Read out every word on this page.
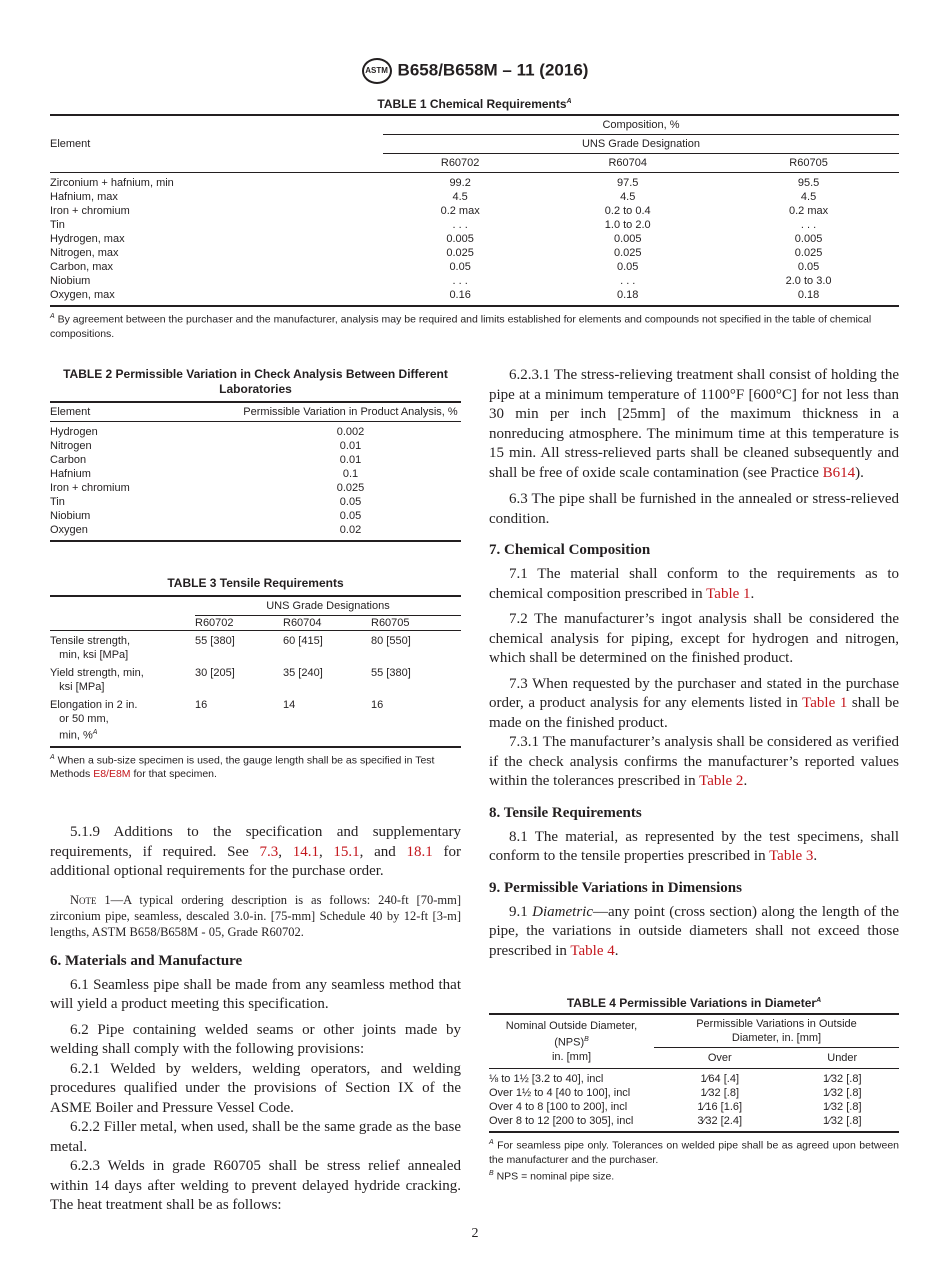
ASTM B658/B658M – 11 (2016)
TABLE 1 Chemical Requirements$^A$
Element	Composition, %		
	UNS Grade Designation		
	R60702	R60704	R60705
Zirconium + hafnium, min	99.2	97.5	95.5
Hafnium, max	4.5	4.5	4.5
Iron + chromium	0.2 max	0.2 to 0.4	0.2 max
Tin	. . .	1.0 to 2.0	. . .
Hydrogen, max	0.005	0.005	0.005
Nitrogen, max	0.025	0.025	0.025
Carbon, max	0.05	0.05	0.05
Niobium	. . .	. . .	2.0 to 3.0
Oxygen, max	0.16	0.18	0.18
$^A$ By agreement between the purchaser and the manufacturer, analysis may be required and limits established for elements and compounds not specified in the table of chemical compositions.
TABLE 2 Permissible Variation in Check Analysis Between Different Laboratories
Element	Permissible Variation in Product Analysis, %
Hydrogen	0.002
Nitrogen	0.01
Carbon	0.01
Hafnium	0.1
Iron + chromium	0.025
Tin	0.05
Niobium	0.05
Oxygen	0.02
TABLE 3 Tensile Requirements
	UNS Grade Designations		
	R60702	R60704	R60705
Tensile strength,
min, ksi [MPa]	55 [380]	60 [415]	80 [550]
Yield strength, min,
ksi [MPa]	30 [205]	35 [240]	55 [380]
Elongation in 2 in.
or 50 mm,
min, %$^A$	16	14	16
$^A$ When a sub-size specimen is used, the gauge length shall be as specified in Test Methods E8/E8M for that specimen.

5.1.9 Additions to the specification and supplementary requirements, if required. See 7.3, 14.1, 15.1, and 18.1 for additional optional requirements for the purchase order.

Note 1—A typical ordering description is as follows: 240-ft [70-mm] zirconium pipe, seamless, descaled 3.0-in. [75-mm] Schedule 40 by 12-ft [3-m] lengths, ASTM B658/B658M - 05, Grade R60702.

6. Materials and Manufacture

6.1 Seamless pipe shall be made from any seamless method that will yield a product meeting this specification.

6.2 Pipe containing welded seams or other joints made by welding shall comply with the following provisions:

6.2.1 Welded by welders, welding operators, and welding procedures qualified under the provisions of Section IX of the ASME Boiler and Pressure Vessel Code.

6.2.2 Filler metal, when used, shall be the same grade as the base metal.

6.2.3 Welds in grade R60705 shall be stress relief annealed within 14 days after welding to prevent delayed hydride cracking. The heat treatment shall be as follows:

6.2.3.1 The stress-relieving treatment shall consist of holding the pipe at a minimum temperature of 1100°F [600°C] for not less than 30 min per inch [25mm] of the maximum thickness in a nonreducing atmosphere. The minimum time at this temperature is 15 min. All stress-relieved parts shall be cleaned subsequently and shall be free of oxide scale contamination (see Practice B614).

6.3 The pipe shall be furnished in the annealed or stress-relieved condition.

7. Chemical Composition

7.1 The material shall conform to the requirements as to chemical composition prescribed in Table 1.

7.2 The manufacturer’s ingot analysis shall be considered the chemical analysis for piping, except for hydrogen and nitrogen, which shall be determined on the finished product.

7.3 When requested by the purchaser and stated in the purchase order, a product analysis for any elements listed in Table 1 shall be made on the finished product.

7.3.1 The manufacturer’s analysis shall be considered as verified if the check analysis confirms the manufacturer’s reported values within the tolerances prescribed in Table 2.

8. Tensile Requirements

8.1 The material, as represented by the test specimens, shall conform to the tensile properties prescribed in Table 3.

9. Permissible Variations in Dimensions

9.1 Diametric—any point (cross section) along the length of the pipe, the variations in outside diameters shall not exceed those prescribed in Table 4.

TABLE 4 Permissible Variations in Diameter$^A$
Nominal Outside Diameter,
(NPS)$^B$
in. [mm]	Permissible Variations in Outside Diameter, in. [mm]	
	Over	Under
⅛ to 1½ [3.2 to 40], incl	1⁄64 [.4]	1⁄32 [.8]
Over 1½ to 4 [40 to 100], incl	1⁄32 [.8]	1⁄32 [.8]
Over 4 to 8 [100 to 200], incl	1⁄16 [1.6]	1⁄32 [.8]
Over 8 to 12 [200 to 305], incl	3⁄32 [2.4]	1⁄32 [.8]
$^A$ For seamless pipe only. Tolerances on welded pipe shall be as agreed upon between the manufacturer and the purchaser.
$^B$ NPS = nominal pipe size.
2
